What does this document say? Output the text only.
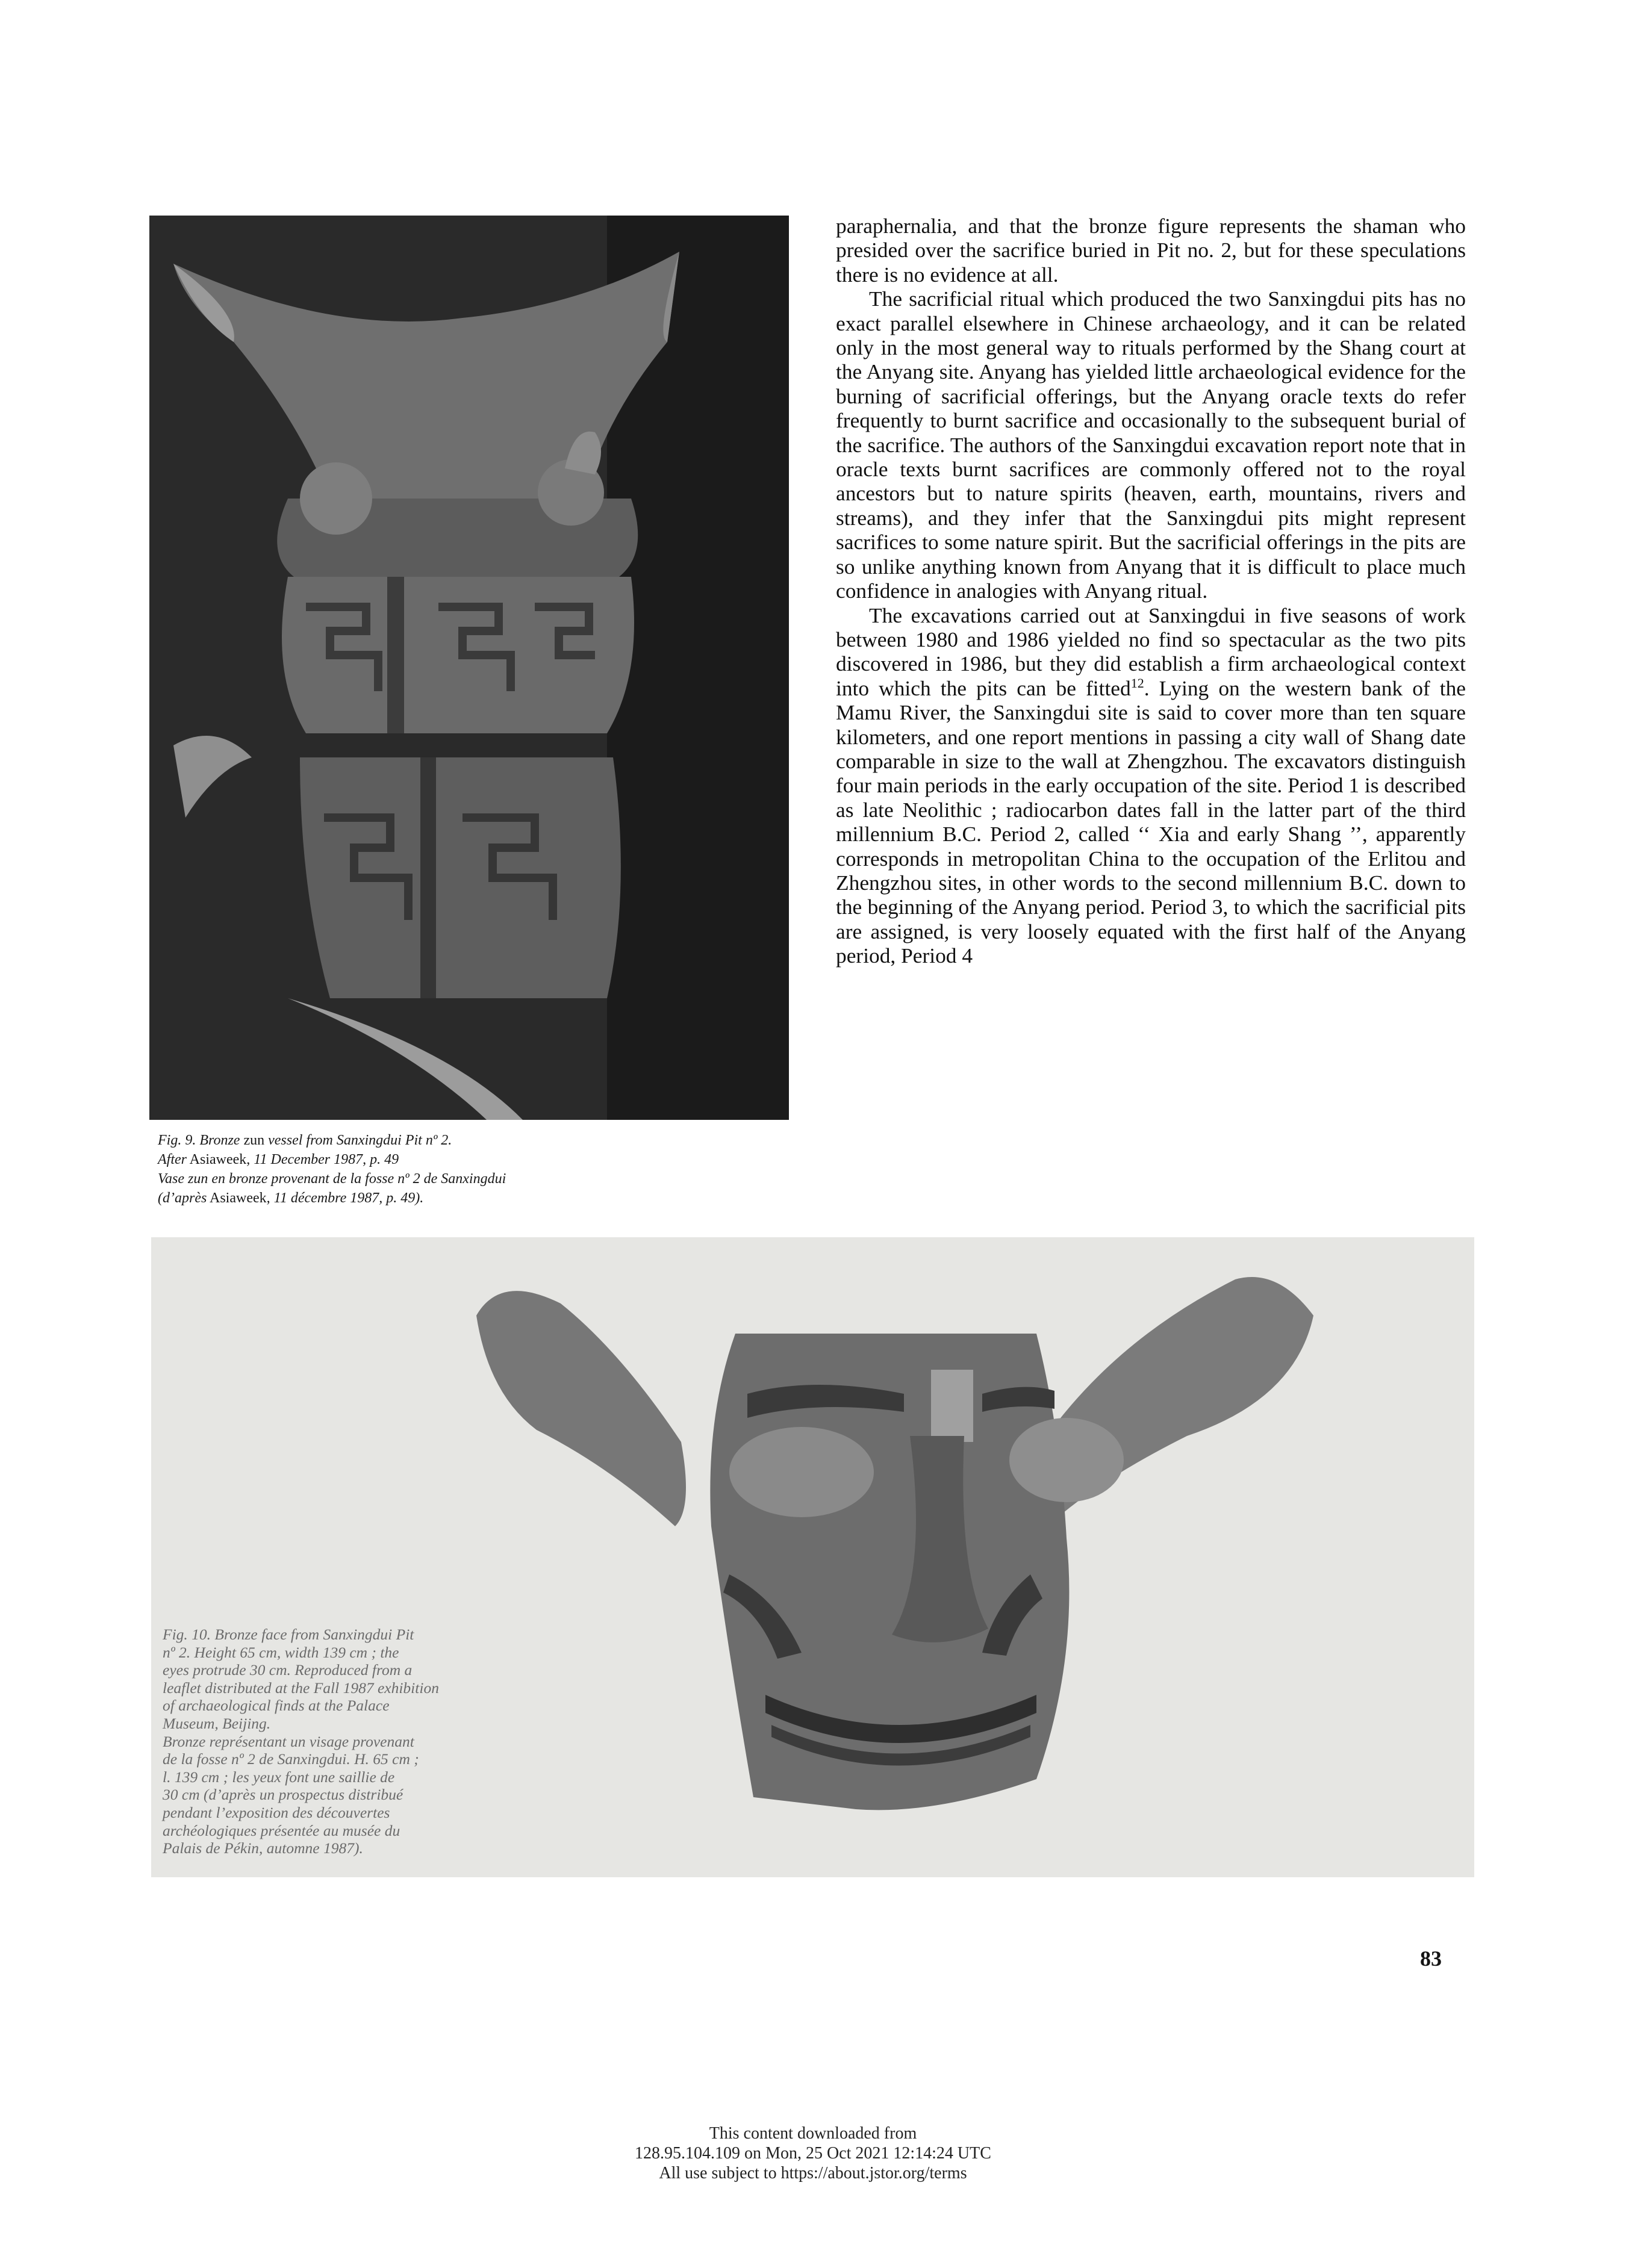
Fig. 9. Bronze zun vessel from Sanxingdui Pit nº 2.
After Asiaweek, 11 December 1987, p. 49
Vase zun en bronze provenant de la fosse nº 2 de Sanxingdui
(d’après Asiaweek, 11 décembre 1987, p. 49).

paraphernalia, and that the bronze figure represents the shaman who presided over the sacrifice buried in Pit no. 2, but for these speculations there is no evidence at all.

The sacrificial ritual which produced the two Sanxingdui pits has no exact parallel elsewhere in Chinese archaeology, and it can be related only in the most general way to rituals performed by the Shang court at the Anyang site. Anyang has yielded little archaeological evidence for the burning of sacrificial offerings, but the Anyang oracle texts do refer frequently to burnt sacrifice and occasionally to the subsequent burial of the sacrifice. The authors of the Sanxingdui excavation report note that in oracle texts burnt sacrifices are commonly offered not to the royal ancestors but to nature spirits (heaven, earth, mountains, rivers and streams), and they infer that the Sanxingdui pits might represent sacrifices to some nature spirit. But the sacrificial offerings in the pits are so unlike anything known from Anyang that it is difficult to place much confidence in analogies with Anyang ritual.

The excavations carried out at Sanxingdui in five seasons of work between 1980 and 1986 yielded no find so spectacular as the two pits discovered in 1986, but they did establish a firm archaeological context into which the pits can be fitted$^{12}$. Lying on the western bank of the Mamu River, the Sanxingdui site is said to cover more than ten square kilometers, and one report mentions in passing a city wall of Shang date comparable in size to the wall at Zhengzhou. The excavators distinguish four main periods in the early occupation of the site. Period 1 is described as late Neolithic ; radiocarbon dates fall in the latter part of the third millennium B.C. Period 2, called ‘‘ Xia and early Shang ’’, apparently corresponds in metropolitan China to the occupation of the Erlitou and Zhengzhou sites, in other words to the second millennium B.C. down to the beginning of the Anyang period. Period 3, to which the sacrificial pits are assigned, is very loosely equated with the first half of the Anyang period, Period 4

Fig. 10. Bronze face from Sanxingdui Pit
nº 2. Height 65 cm, width 139 cm ; the
eyes protrude 30 cm. Reproduced from a
leaflet distributed at the Fall 1987 exhibition
of archaeological finds at the Palace
Museum, Beijing.
Bronze représentant un visage provenant
de la fosse nº 2 de Sanxingdui. H. 65 cm ;
l. 139 cm ; les yeux font une saillie de
30 cm (d’après un prospectus distribué
pendant l’exposition des découvertes
archéologiques présentée au musée du
Palais de Pékin, automne 1987).
83
This content downloaded from
128.95.104.109 on Mon, 25 Oct 2021 12:14:24 UTC
All use subject to https://about.jstor.org/terms
